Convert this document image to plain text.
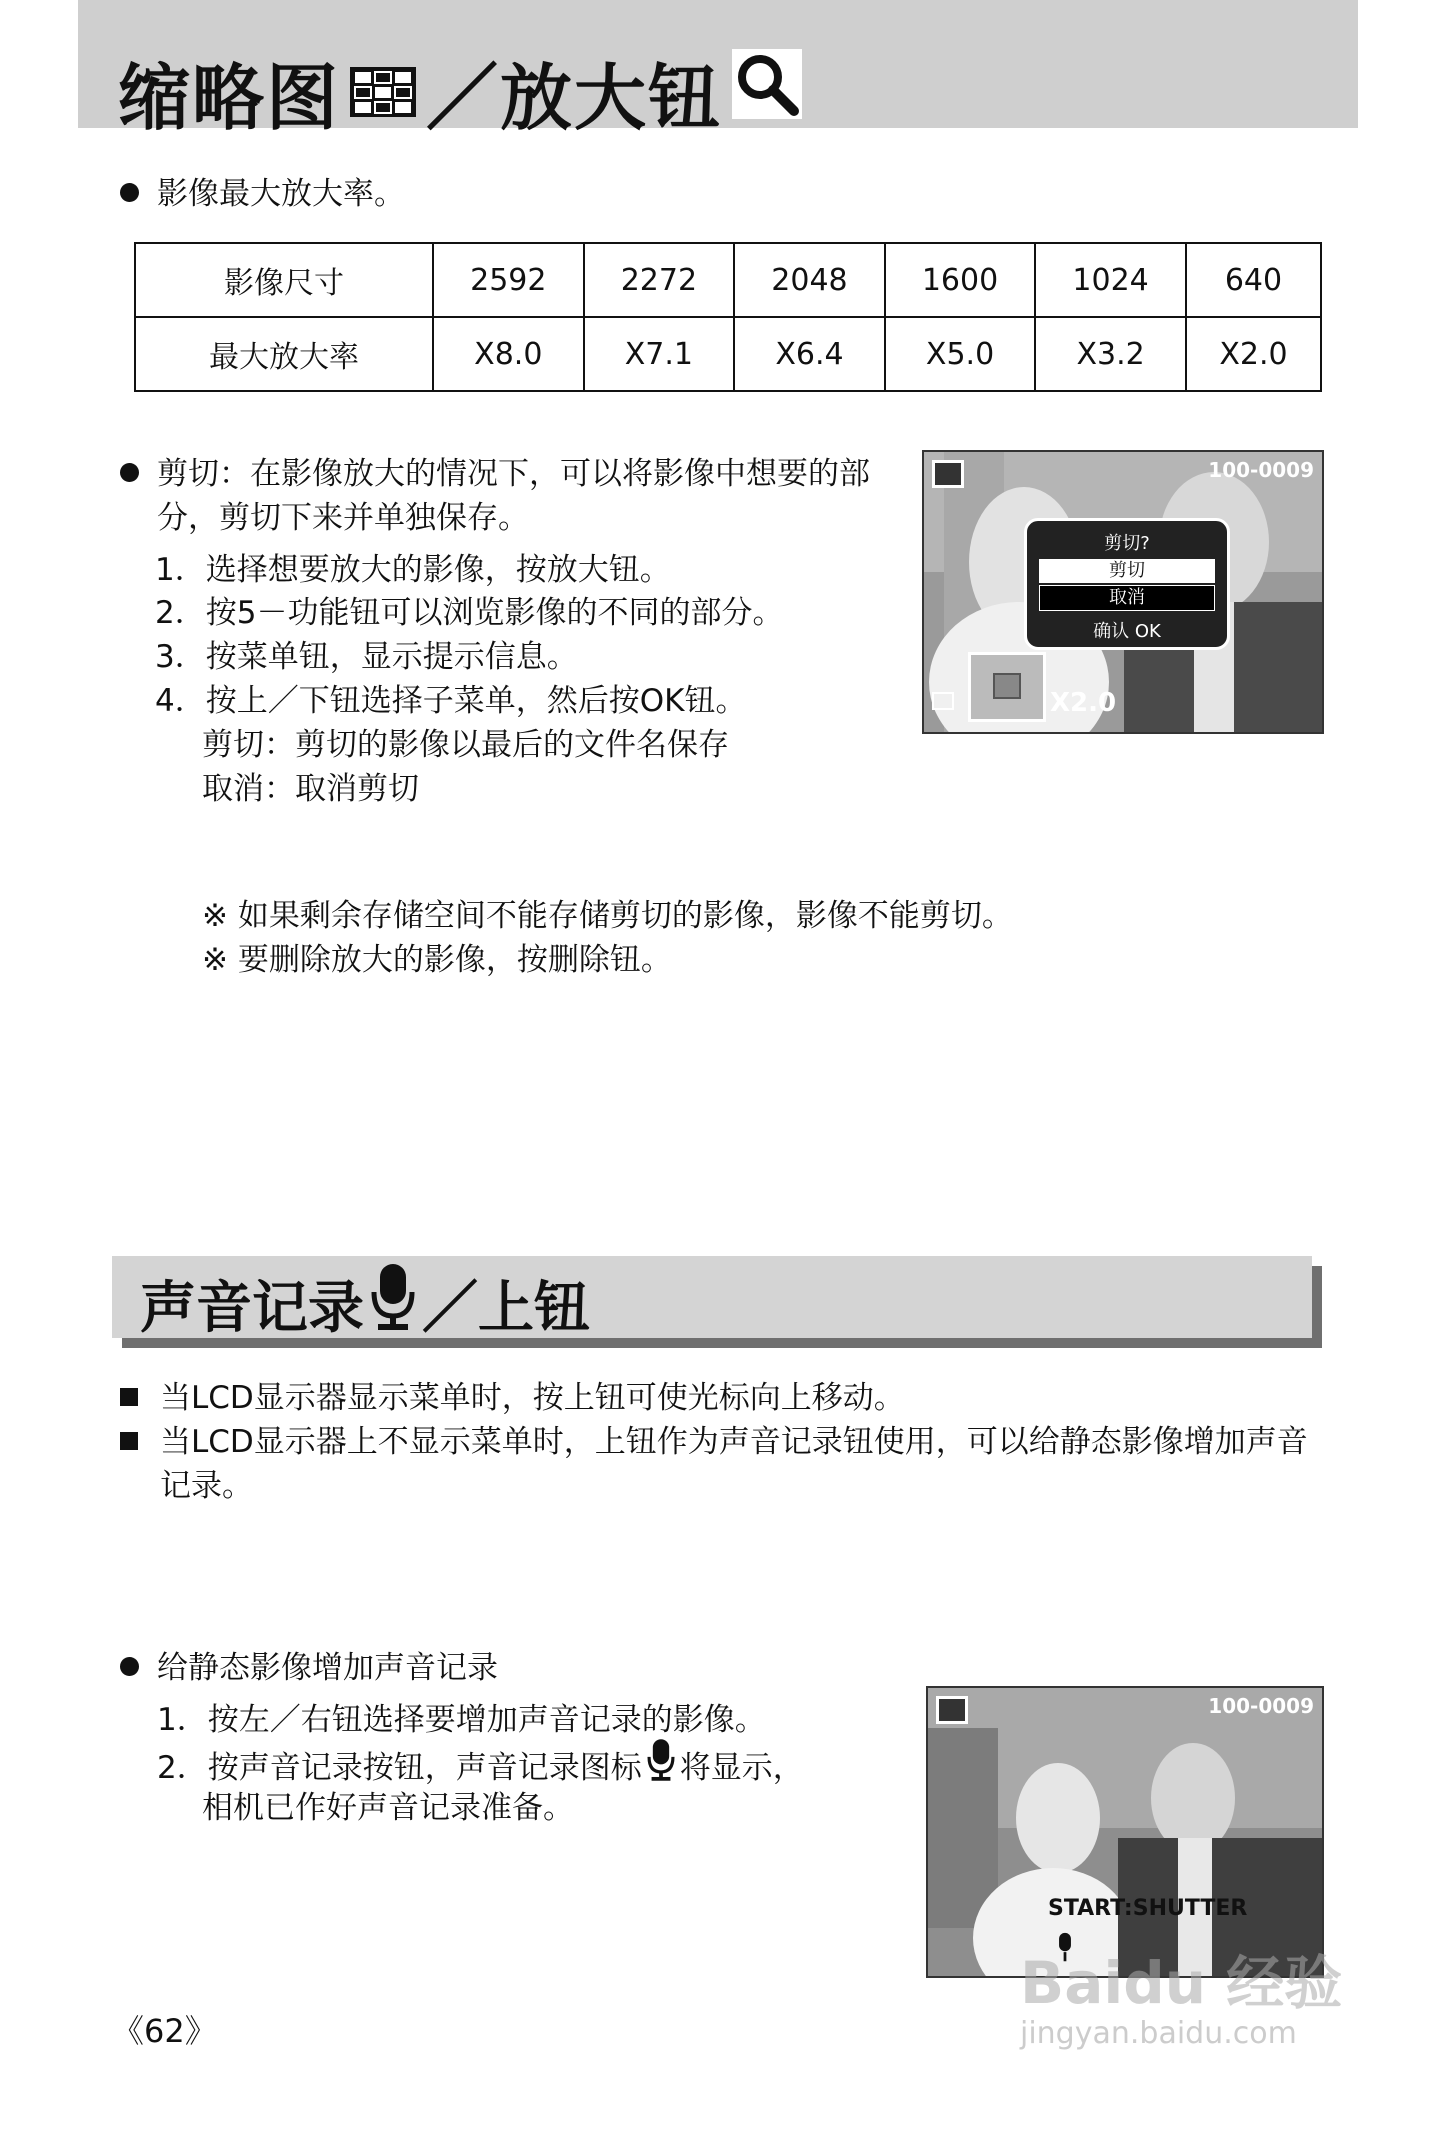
缩略图 ／放大钮
影像最大放大率。
影像尺寸	2592	2272	2048	1600	1024	640
最大放大率	X8.0	X7.1	X6.4	X5.0	X3.2	X2.0
剪切：在影像放大的情况下，可以将影像中想要的部
分，剪切下来并单独保存。
1．选择想要放大的影像，按放大钮。
2．按5－功能钮可以浏览影像的不同的部分。
3．按菜单钮，显示提示信息。
4．按上／下钮选择子菜单，然后按OK钮。
剪切：剪切的影像以最后的文件名保存
取消：取消剪切
※ 如果剩余存储空间不能存储剪切的影像，影像不能剪切。
※ 要删除放大的影像，按删除钮。
100-0009
剪切?
剪切
取消
确认 OK
X2.0
声音记录 ／上钮
当LCD显示器显示菜单时，按上钮可使光标向上移动。
当LCD显示器上不显示菜单时，上钮作为声音记录钮使用，可以给静态影像增加声音
记录。
给静态影像增加声音记录
1．按左／右钮选择要增加声音记录的影像。
2．按声音记录按钮，声音记录图标 将显示，
相机已作好声音记录准备。
100-0009
START:SHUTTER
《62》
Baidu 经验
jingyan.baidu.com
